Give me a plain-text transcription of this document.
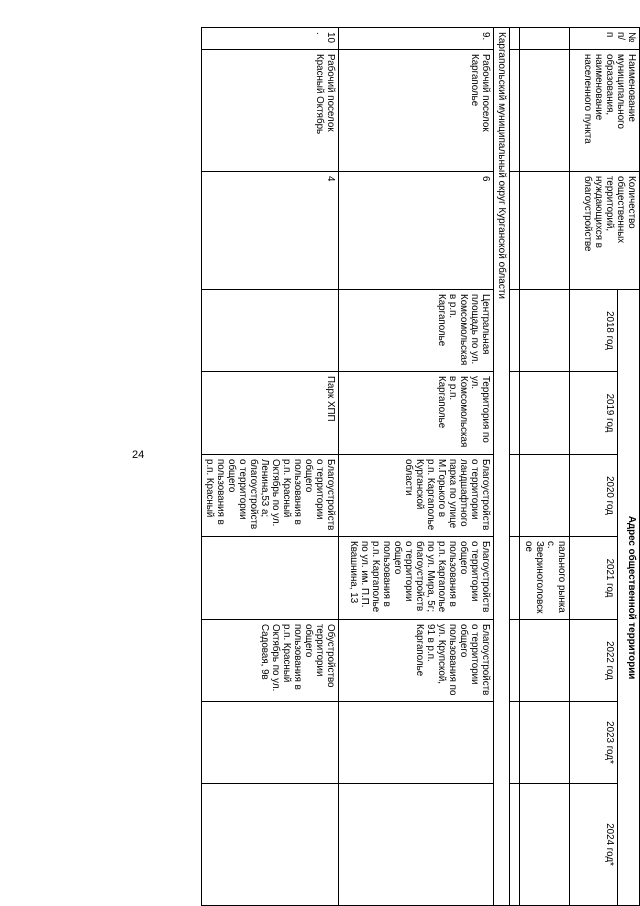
24
№ п/п	Наименование муниципального образования, наименование населенного пункта	Количество общественных территорий, нуждающихся в благоустройстве	Адрес общественной территории						
			2018 год	2019 год	2020 год	2021 год	2022 год	2023 год*	2024 год*
						пального рынка с. Звериноголовское			

Каргапольский муниципальный округ Курганской области									
9.	Рабочий поселок Каргаполье	6	Центральная площадь по ул. Комсомольская в р.п. Каргаполье	Территория по ул. Комсомольская в р.п. Каргаполье	Благоустройство территории ландшафтного парка по улице М.Горького в р.п. Каргаполье Курганской области	Благоустройство территории общего пользования в р.п. Каргаполье по ул. Мира, 5г; благоустройство территории общего пользования в р.п. Каргаполье по ул. им. П.П. Квашнина, 13	Благоустройство территории общего пользования по ул. Крупской, 91 в р.п. Каргаполье		
10.	Рабочий поселок Красный Октябрь	4		Парк ХПП	Благоустройство территории общего пользования в р.п. Красный Октябрь по ул. Ленина,53 а; благоустройство территории общего пользования в р.п. Красный		Обустройство территории общего пользования в р.п. Красный Октябрь по ул. Садовая, 9в		
